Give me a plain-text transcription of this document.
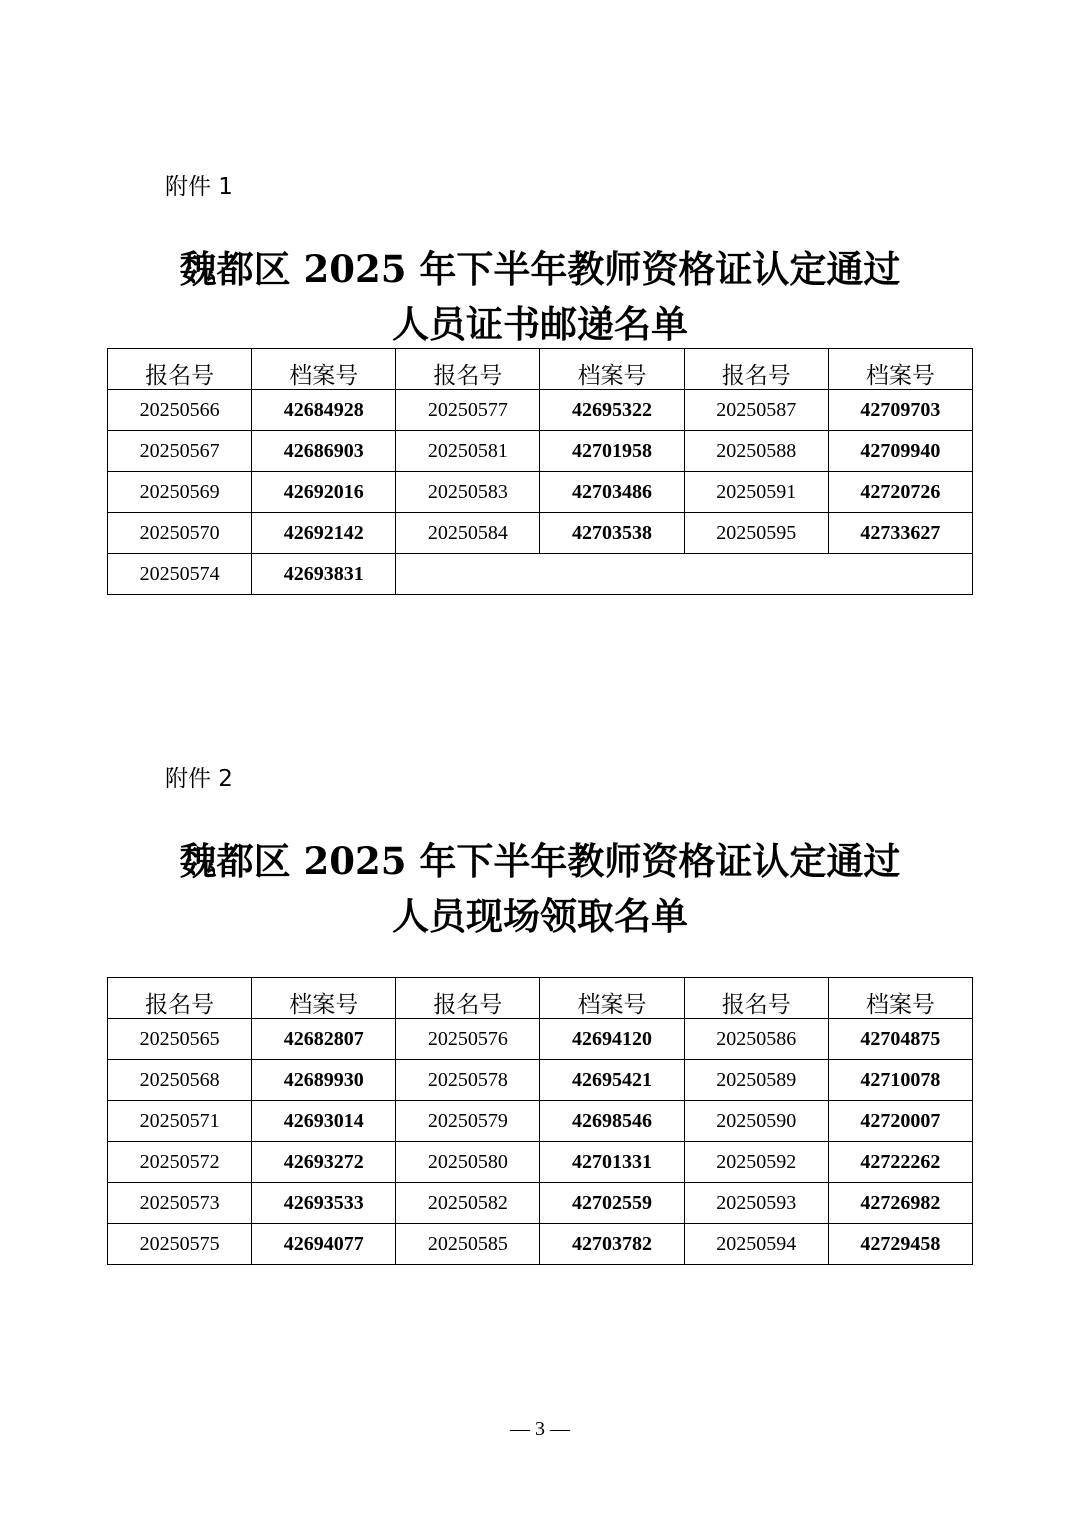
附件 1
魏都区 2025 年下半年教师资格证认定通过
人员证书邮递名单
报名号	档案号	报名号	档案号	报名号	档案号
20250566	42684928	20250577	42695322	20250587	42709703
20250567	42686903	20250581	42701958	20250588	42709940
20250569	42692016	20250583	42703486	20250591	42720726
20250570	42692142	20250584	42703538	20250595	42733627
20250574	42693831				
附件 2
魏都区 2025 年下半年教师资格证认定通过
人员现场领取名单
报名号	档案号	报名号	档案号	报名号	档案号
20250565	42682807	20250576	42694120	20250586	42704875
20250568	42689930	20250578	42695421	20250589	42710078
20250571	42693014	20250579	42698546	20250590	42720007
20250572	42693272	20250580	42701331	20250592	42722262
20250573	42693533	20250582	42702559	20250593	42726982
20250575	42694077	20250585	42703782	20250594	42729458
— 3 —
